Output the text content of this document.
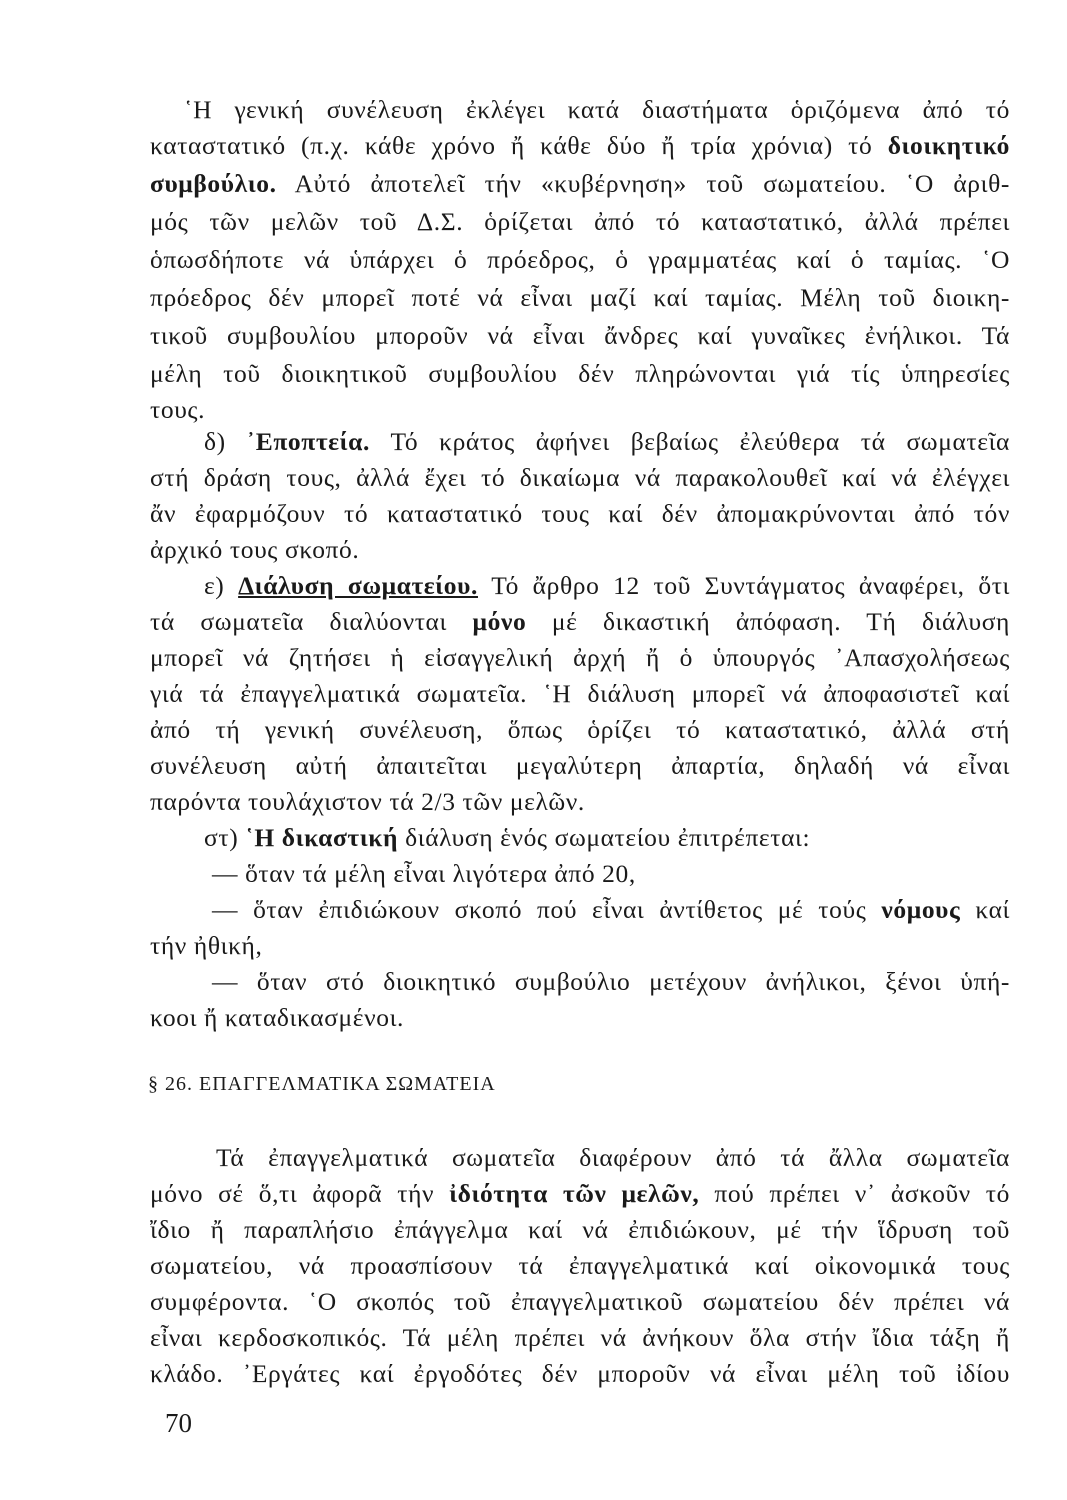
῾Η γενική συνέλευση ἐκλέγει κατά διαστήματα ὁριζόμενα ἀπό τό
καταστατικό (π.χ. κάθε χρόνο ἤ κάθε δύο ἤ τρία χρόνια) τό διοικητικό
συμβούλιο. Αὐτό ἀποτελεῖ τήν «κυβέρνηση» τοῦ σωματείου. ῾Ο ἀριθ-
μός τῶν μελῶν τοῦ Δ.Σ. ὁρίζεται ἀπό τό καταστατικό, ἀλλά πρέπει
ὁπωσδήποτε νά ὑπάρχει ὁ πρόεδρος, ὁ γραμματέας καί ὁ ταμίας. ῾Ο
πρόεδρος δέν μπορεῖ ποτέ νά εἶναι μαζί καί ταμίας. Μέλη τοῦ διοικη-
τικοῦ συμβουλίου μποροῦν νά εἶναι ἄνδρες καί γυναῖκες ἐνήλικοι. Τά
μέλη τοῦ διοικητικοῦ συμβουλίου δέν πληρώνονται γιά τίς ὑπηρεσίες
τους.
δ) ᾿Εποπτεία. Τό κράτος ἀφήνει βεβαίως ἐλεύθερα τά σωματεῖα
στή δράση τους, ἀλλά ἔχει τό δικαίωμα νά παρακολουθεῖ καί νά ἐλέγχει
ἄν ἐφαρμόζουν τό καταστατικό τους καί δέν ἀπομακρύνονται ἀπό τόν
ἀρχικό τους σκοπό.
ε) Διάλυση σωματείου. Τό ἄρθρο 12 τοῦ Συντάγματος ἀναφέρει, ὅτι
τά σωματεῖα διαλύονται μόνο μέ δικαστική ἀπόφαση. Τή διάλυση
μπορεῖ νά ζητήσει ἡ εἰσαγγελική ἀρχή ἤ ὁ ὑπουργός ᾿Απασχολήσεως
γιά τά ἐπαγγελματικά σωματεῖα. ῾Η διάλυση μπορεῖ νά ἀποφασιστεῖ καί
ἀπό τή γενική συνέλευση, ὅπως ὁρίζει τό καταστατικό, ἀλλά στή
συνέλευση αὐτή ἀπαιτεῖται μεγαλύτερη ἀπαρτία, δηλαδή νά εἶναι
παρόντα τουλάχιστον τά 2/3 τῶν μελῶν.
στ) ῾Η δικαστική διάλυση ἑνός σωματείου ἐπιτρέπεται:
— ὅταν τά μέλη εἶναι λιγότερα ἀπό 20,
— ὅταν ἐπιδιώκουν σκοπό πού εἶναι ἀντίθετος μέ τούς νόμους καί
τήν ἠθική,
— ὅταν στό διοικητικό συμβούλιο μετέχουν ἀνήλικοι, ξένοι ὑπή-
κοοι ἤ καταδικασμένοι.
§ 26. ΕΠΑΓΓΕΛΜΑΤΙΚΑ ΣΩΜΑΤΕΙΑ
Τά ἐπαγγελματικά σωματεῖα διαφέρουν ἀπό τά ἄλλα σωματεῖα
μόνο σέ ὅ,τι ἀφορᾶ τήν ἰδιότητα τῶν μελῶν, πού πρέπει ν᾿ ἀσκοῦν τό
ἴδιο ἤ παραπλήσιο ἐπάγγελμα καί νά ἐπιδιώκουν, μέ τήν ἵδρυση τοῦ
σωματείου, νά προασπίσουν τά ἐπαγγελματικά καί οἰκονομικά τους
συμφέροντα. ῾Ο σκοπός τοῦ ἐπαγγελματικοῦ σωματείου δέν πρέπει νά
εἶναι κερδοσκοπικός. Τά μέλη πρέπει νά ἀνήκουν ὅλα στήν ἴδια τάξη ἤ
κλάδο. ᾿Εργάτες καί ἐργοδότες δέν μποροῦν νά εἶναι μέλη τοῦ ἰδίου
70
